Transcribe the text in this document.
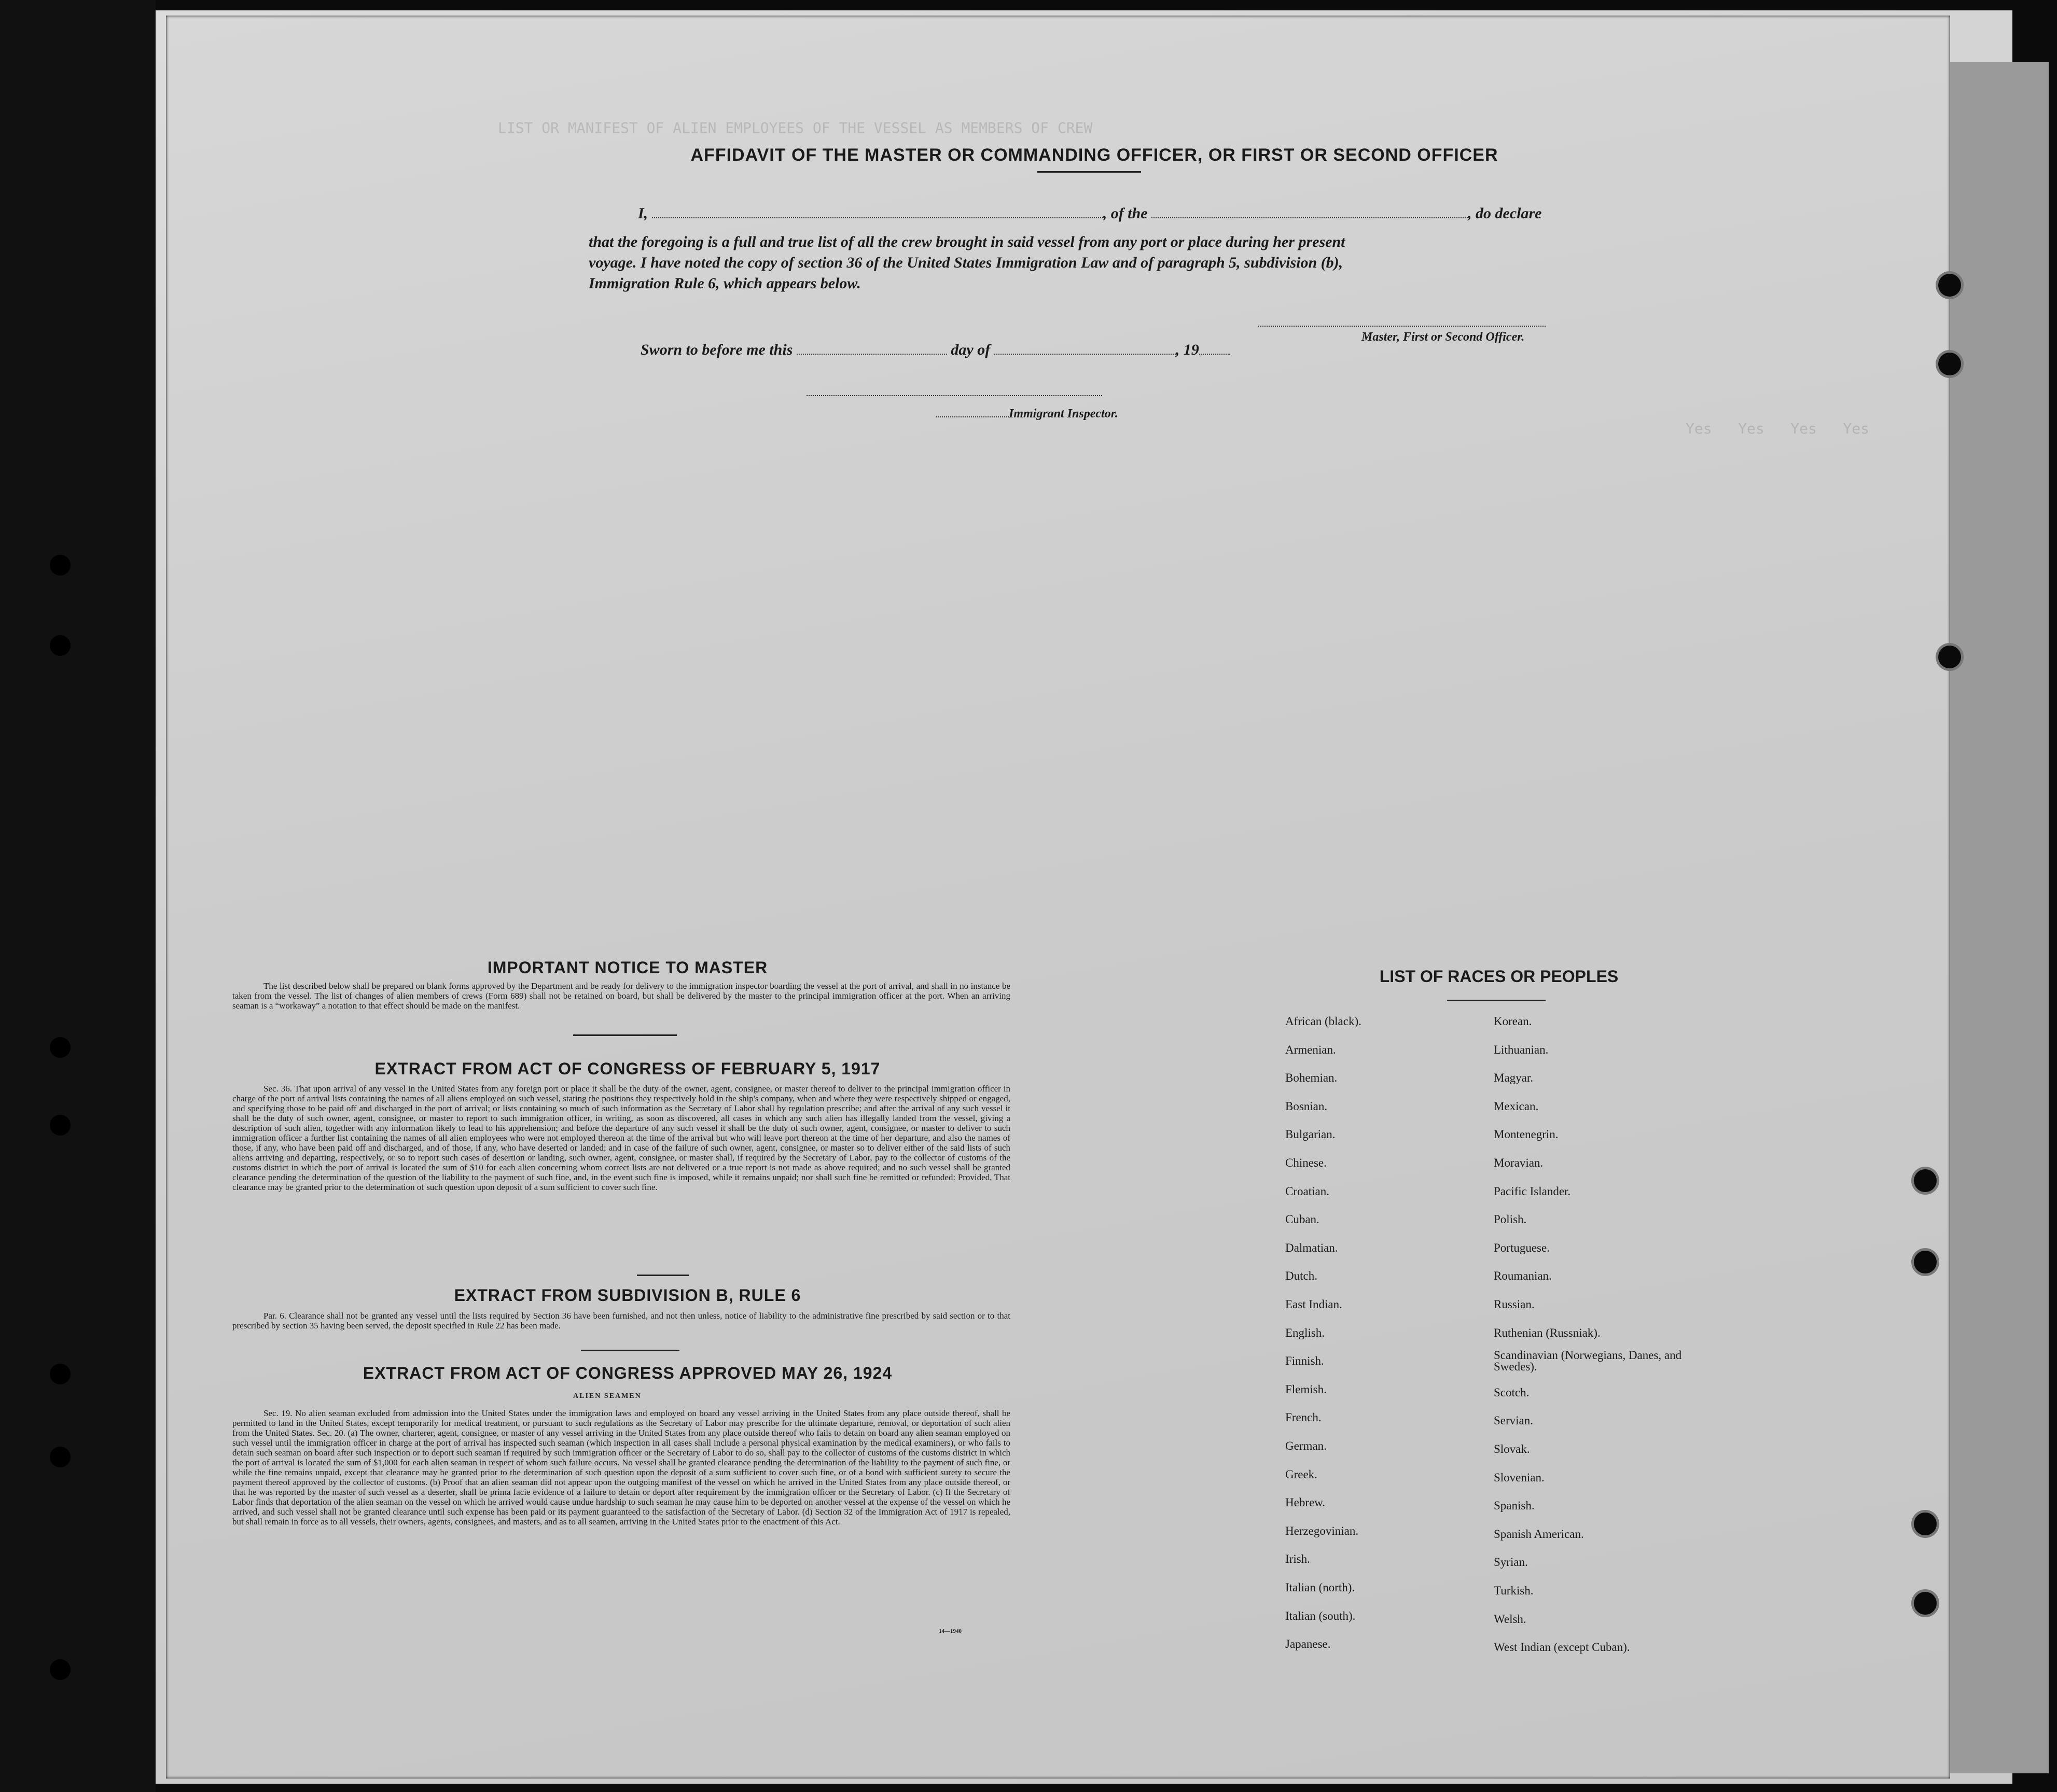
LIST OR MANIFEST OF ALIEN EMPLOYEES OF THE VESSEL AS MEMBERS OF CREW
Yes   Yes   Yes   Yes
AFFIDAVIT OF THE MASTER OR COMMANDING OFFICER, OR FIRST OR SECOND OFFICER
I,	, of the	, do declare
that the foregoing is a full and true list of all the crew brought in said vessel from any port or place during her present
voyage. I have noted the copy of section 36 of the United States Immigration Law and of paragraph 5, subdivision (b),
Immigration Rule 6, which appears below.
Master, First or Second Officer.
Sworn to before me this	day of	, 19
Immigrant Inspector.
IMPORTANT NOTICE TO MASTER
The list described below shall be prepared on blank forms approved by the Department and be ready for delivery to the immigration inspector boarding the vessel at the port of arrival, and shall in no instance be taken from the vessel. The list of changes of alien members of crews (Form 689) shall not be retained on board, but shall be delivered by the master to the principal immigration officer at the port. When an arriving seaman is a “workaway” a notation to that effect should be made on the manifest.
EXTRACT FROM ACT OF CONGRESS OF FEBRUARY 5, 1917
Sec. 36. That upon arrival of any vessel in the United States from any foreign port or place it shall be the duty of the owner, agent, consignee, or master thereof to deliver to the principal immigration officer in charge of the port of arrival lists containing the names of all aliens employed on such vessel, stating the positions they respectively hold in the ship's company, when and where they were respectively shipped or engaged, and specifying those to be paid off and discharged in the port of arrival; or lists containing so much of such information as the Secretary of Labor shall by regulation prescribe; and after the arrival of any such vessel it shall be the duty of such owner, agent, consignee, or master to report to such immigration officer, in writing, as soon as discovered, all cases in which any such alien has illegally landed from the vessel, giving a description of such alien, together with any information likely to lead to his apprehension; and before the departure of any such vessel it shall be the duty of such owner, agent, consignee, or master to deliver to such immigration officer a further list containing the names of all alien employees who were not employed thereon at the time of the arrival but who will leave port thereon at the time of her departure, and also the names of those, if any, who have been paid off and discharged, and of those, if any, who have deserted or landed; and in case of the failure of such owner, agent, consignee, or master so to deliver either of the said lists of such aliens arriving and departing, respectively, or so to report such cases of desertion or landing, such owner, agent, consignee, or master shall, if required by the Secretary of Labor, pay to the collector of customs of the customs district in which the port of arrival is located the sum of $10 for each alien concerning whom correct lists are not delivered or a true report is not made as above required; and no such vessel shall be granted clearance pending the determination of the question of the liability to the payment of such fine, and, in the event such fine is imposed, while it remains unpaid; nor shall such fine be remitted or refunded: Provided, That clearance may be granted prior to the determination of such question upon deposit of a sum sufficient to cover such fine.
EXTRACT FROM SUBDIVISION B, RULE 6
Par. 6. Clearance shall not be granted any vessel until the lists required by Section 36 have been furnished, and not then unless, notice of liability to the administrative fine prescribed by said section or to that prescribed by section 35 having been served, the deposit specified in Rule 22 has been made.
EXTRACT FROM ACT OF CONGRESS APPROVED MAY 26, 1924
ALIEN SEAMEN
Sec. 19. No alien seaman excluded from admission into the United States under the immigration laws and employed on board any vessel arriving in the United States from any place outside thereof, shall be permitted to land in the United States, except temporarily for medical treatment, or pursuant to such regulations as the Secretary of Labor may prescribe for the ultimate departure, removal, or deportation of such alien from the United States. Sec. 20. (a) The owner, charterer, agent, consignee, or master of any vessel arriving in the United States from any place outside thereof who fails to detain on board any alien seaman employed on such vessel until the immigration officer in charge at the port of arrival has inspected such seaman (which inspection in all cases shall include a personal physical examination by the medical examiners), or who fails to detain such seaman on board after such inspection or to deport such seaman if required by such immigration officer or the Secretary of Labor to do so, shall pay to the collector of customs of the customs district in which the port of arrival is located the sum of $1,000 for each alien seaman in respect of whom such failure occurs. No vessel shall be granted clearance pending the determination of the liability to the payment of such fine, or while the fine remains unpaid, except that clearance may be granted prior to the determination of such question upon the deposit of a sum sufficient to cover such fine, or of a bond with sufficient surety to secure the payment thereof approved by the collector of customs. (b) Proof that an alien seaman did not appear upon the outgoing manifest of the vessel on which he arrived in the United States from any place outside thereof, or that he was reported by the master of such vessel as a deserter, shall be prima facie evidence of a failure to detain or deport after requirement by the immigration officer or the Secretary of Labor. (c) If the Secretary of Labor finds that deportation of the alien seaman on the vessel on which he arrived would cause undue hardship to such seaman he may cause him to be deported on another vessel at the expense of the vessel on which he arrived, and such vessel shall not be granted clearance until such expense has been paid or its payment guaranteed to the satisfaction of the Secretary of Labor. (d) Section 32 of the Immigration Act of 1917 is repealed, but shall remain in force as to all vessels, their owners, agents, consignees, and masters, and as to all seamen, arriving in the United States prior to the enactment of this Act.
14—1940
LIST OF RACES OR PEOPLES
African (black).
Armenian.
Bohemian.
Bosnian.
Bulgarian.
Chinese.
Croatian.
Cuban.
Dalmatian.
Dutch.
East Indian.
English.
Finnish.
Flemish.
French.
German.
Greek.
Hebrew.
Herzegovinian.
Irish.
Italian (north).
Italian (south).
Japanese.
Korean.
Lithuanian.
Magyar.
Mexican.
Montenegrin.
Moravian.
Pacific Islander.
Polish.
Portuguese.
Roumanian.
Russian.
Ruthenian (Russniak).
Scandinavian (Norwegians, Danes, and Swedes).
Scotch.
Servian.
Slovak.
Slovenian.
Spanish.
Spanish American.
Syrian.
Turkish.
Welsh.
West Indian (except Cuban).
